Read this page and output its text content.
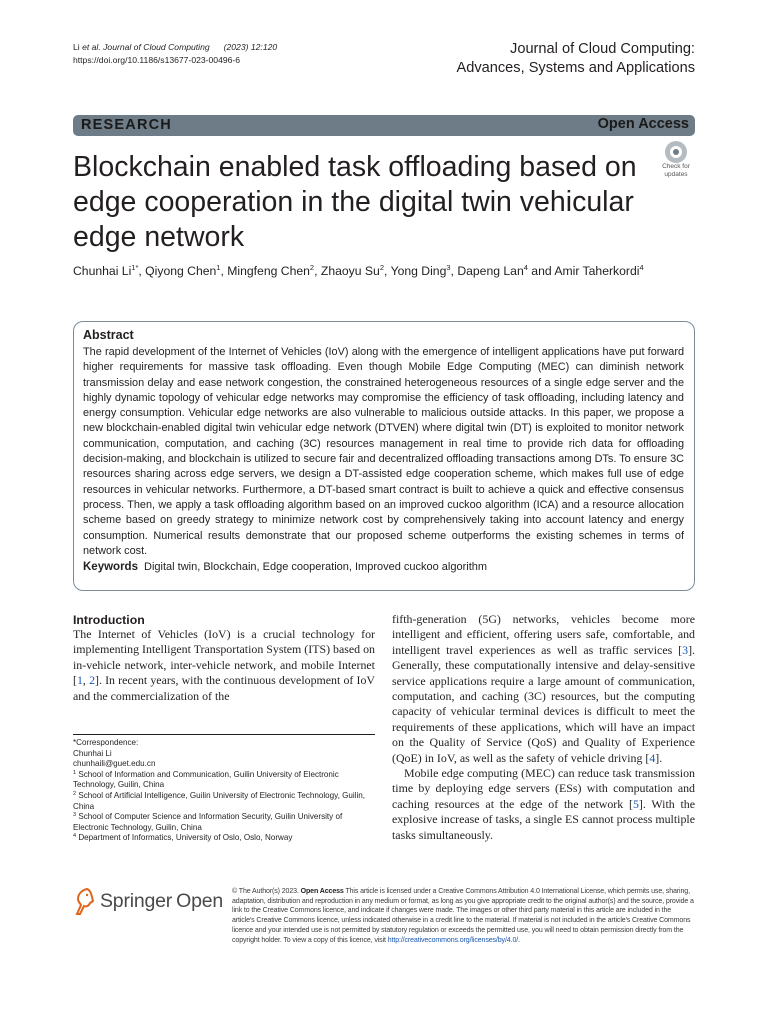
Li et al. Journal of Cloud Computing (2023) 12:120
https://doi.org/10.1186/s13677-023-00496-6
Journal of Cloud Computing:
Advances, Systems and Applications
RESEARCH	Open Access
Blockchain enabled task offloading based on edge cooperation in the digital twin vehicular edge network
Check for
updates
Chunhai $Li^{1*}$, Qiyong Chen$^1$, Mingfeng Chen$^2$, Zhaoyu Su$^2$, Yong Ding$^3$, Dapeng Lan$^4$ and Amir Taherkordi$^4$
Abstract
The rapid development of the Internet of Vehicles (IoV) along with the emergence of intelligent applications have put forward higher requirements for massive task offloading. Even though Mobile Edge Computing (MEC) can diminish network transmission delay and ease network congestion, the constrained heterogeneous resources of a single edge server and the highly dynamic topology of vehicular edge networks may compromise the efficiency of task offloading, including latency and energy consumption. Vehicular edge networks are also vulnerable to malicious outside attacks. In this paper, we propose a new blockchain-enabled digital twin vehicular edge network (DTVEN) where digital twin (DT) is exploited to monitor network communication, computation, and caching (3C) resources management in real time to provide rich data for offloading decision-making, and blockchain is utilized to secure fair and decentralized offloading transactions among DTs. To ensure 3C resources sharing across edge servers, we design a DT-assisted edge cooperation scheme, which makes full use of edge resources in vehicular networks. Furthermore, a DT-based smart contract is built to achieve a quick and effective consensus process. Then, we apply a task offloading algorithm based on an improved cuckoo algorithm (ICA) and a resource allocation scheme based on greedy strategy to minimize network cost by comprehensively taking into account latency and energy consumption. Numerical results demonstrate that our proposed scheme outperforms the existing schemes in terms of network cost.
Keywords Digital twin, Blockchain, Edge cooperation, Improved cuckoo algorithm
Introduction

The Internet of Vehicles (IoV) is a crucial technology for implementing Intelligent Transportation System (ITS) based on in-vehicle network, inter-vehicle network, and mobile Internet [1, 2]. In recent years, with the continuous development of IoV and the commercialization of the

fifth-generation (5G) networks, vehicles become more intelligent and efficient, offering users safe, comfortable, and intelligent travel experiences as well as traffic services [3]. Generally, these computationally intensive and delay-sensitive service applications require a large amount of communication, computation, and caching (3C) resources, but the computing capacity of vehicular terminal devices is difficult to meet the requirements of these applications, which will have an impact on the Quality of Service (QoS) and Quality of Experience (QoE) in IoV, as well as the safety of vehicle driving [4].

Mobile edge computing (MEC) can reduce task transmission time by deploying edge servers (ESs) with computation and caching resources at the edge of the network [5]. With the explosive increase of tasks, a single ES cannot process multiple tasks simultaneously.

*Correspondence:
Chunhai Li
chunhaili@guet.edu.cn
$^1$ School of Information and Communication, Guilin University of Electronic Technology, Guilin, China
$^2$ School of Artificial Intelligence, Guilin University of Electronic Technology, Guilin, China
$^3$ School of Computer Science and Information Security, Guilin University of Electronic Technology, Guilin, China
$^4$ Department of Informatics, University of Oslo, Oslo, Norway
Springer Open © The Author(s) 2023. Open Access This article is licensed under a Creative Commons Attribution 4.0 International License, which permits use, sharing, adaptation, distribution and reproduction in any medium or format, as long as you give appropriate credit to the original author(s) and the source, provide a link to the Creative Commons licence, and indicate if changes were made. The images or other third party material in this article are included in the article's Creative Commons licence, unless indicated otherwise in a credit line to the material. If material is not included in the article's Creative Commons licence and your intended use is not permitted by statutory regulation or exceeds the permitted use, you will need to obtain permission directly from the copyright holder. To view a copy of this licence, visit http://creativecommons.org/licenses/by/4.0/.
